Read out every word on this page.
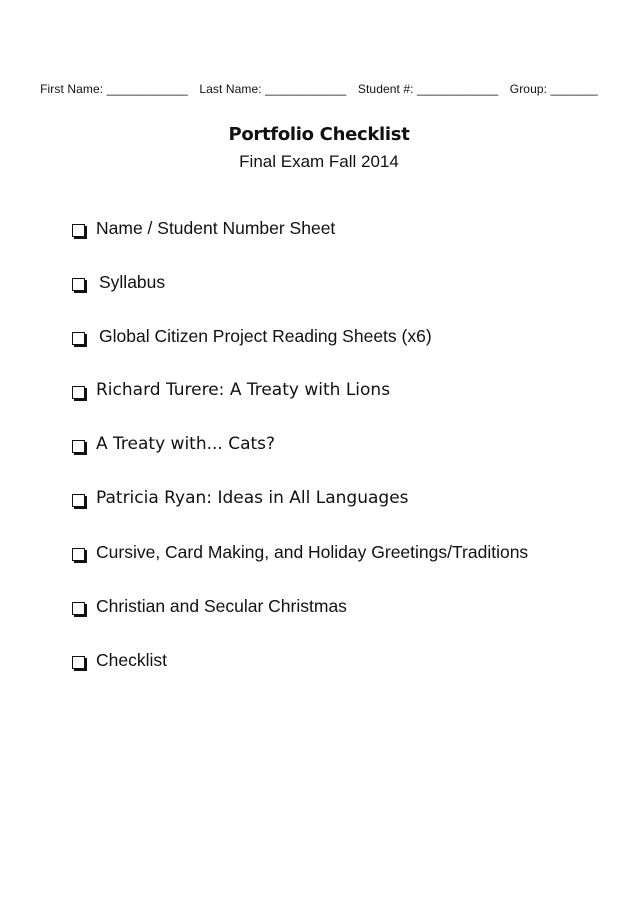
First Name: ____________ Last Name: ____________ Student #: ____________ Group: _______
Portfolio Checklist
Final Exam Fall 2014
Name / Student Number Sheet
Syllabus
Global Citizen Project Reading Sheets (x6)
Richard Turere: A Treaty with Lions
A Treaty with... Cats?
Patricia Ryan: Ideas in All Languages
Cursive, Card Making, and Holiday Greetings/Traditions
Christian and Secular Christmas
Checklist
